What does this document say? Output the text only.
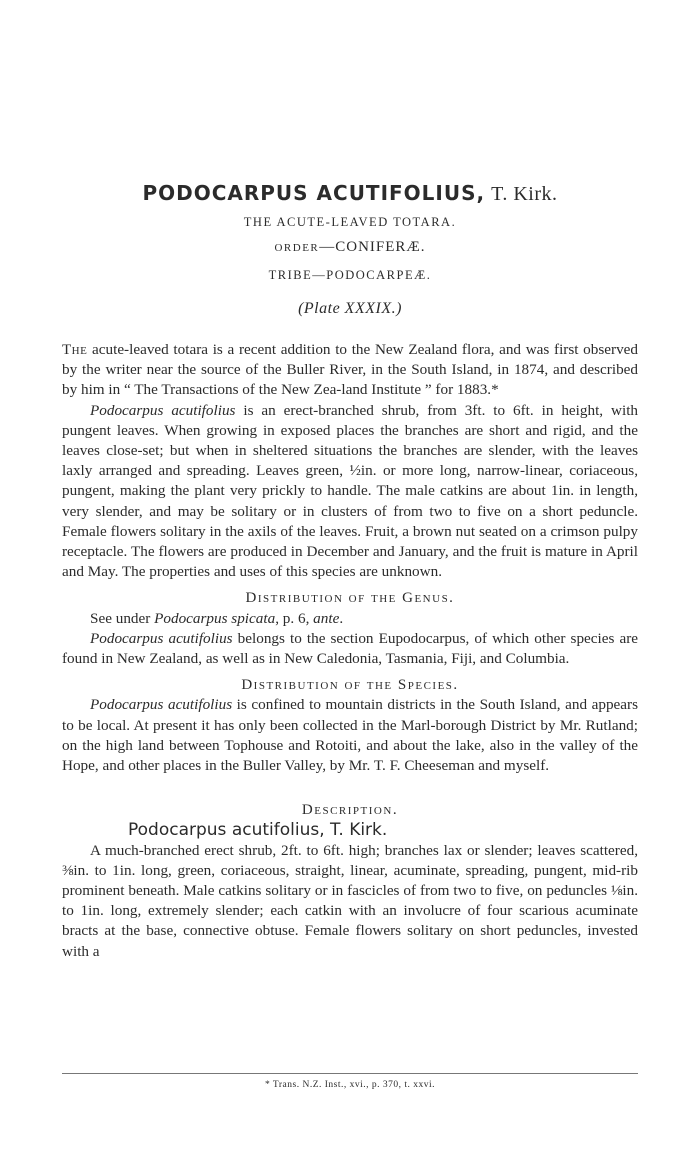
PODOCARPUS ACUTIFOLIUS, T. Kirk.
THE ACUTE-LEAVED TOTARA.
ORDER—CONIFERÆ.
TRIBE—PODOCARPEÆ.
(Plate XXXIX.)

The acute-leaved totara is a recent addition to the New Zealand flora, and was first observed by the writer near the source of the Buller River, in the South Island, in 1874, and described by him in “ The Transactions of the New Zea-land Institute ” for 1883.*

Podocarpus acutifolius is an erect-branched shrub, from 3ft. to 6ft. in height, with pungent leaves. When growing in exposed places the branches are short and rigid, and the leaves close-set; but when in sheltered situations the branches are slender, with the leaves laxly arranged and spreading. Leaves green, ½in. or more long, narrow-linear, coriaceous, pungent, making the plant very prickly to handle. The male catkins are about 1in. in length, very slender, and may be solitary or in clusters of from two to five on a short peduncle. Female flowers solitary in the axils of the leaves. Fruit, a brown nut seated on a crimson pulpy receptacle. The flowers are produced in December and January, and the fruit is mature in April and May. The properties and uses of this species are unknown.

Distribution of the Genus.

See under Podocarpus spicata, p. 6, ante.

Podocarpus acutifolius belongs to the section Eupodocarpus, of which other species are found in New Zealand, as well as in New Caledonia, Tasmania, Fiji, and Columbia.

Distribution of the Species.

Podocarpus acutifolius is confined to mountain districts in the South Island, and appears to be local. At present it has only been collected in the Marl-borough District by Mr. Rutland; on the high land between Tophouse and Rotoiti, and about the lake, also in the valley of the Hope, and other places in the Buller Valley, by Mr. T. F. Cheeseman and myself.

Description.

Podocarpus acutifolius, T. Kirk.

A much-branched erect shrub, 2ft. to 6ft. high; branches lax or slender; leaves scattered, ⅜in. to 1in. long, green, coriaceous, straight, linear, acuminate, spreading, pungent, mid-rib prominent beneath. Male catkins solitary or in fascicles of from two to five, on peduncles ⅛in. to 1in. long, extremely slender; each catkin with an involucre of four scarious acuminate bracts at the base, connective obtuse. Female flowers solitary on short peduncles, invested with a

* Trans. N.Z. Inst., xvi., p. 370, t. xxvi.
